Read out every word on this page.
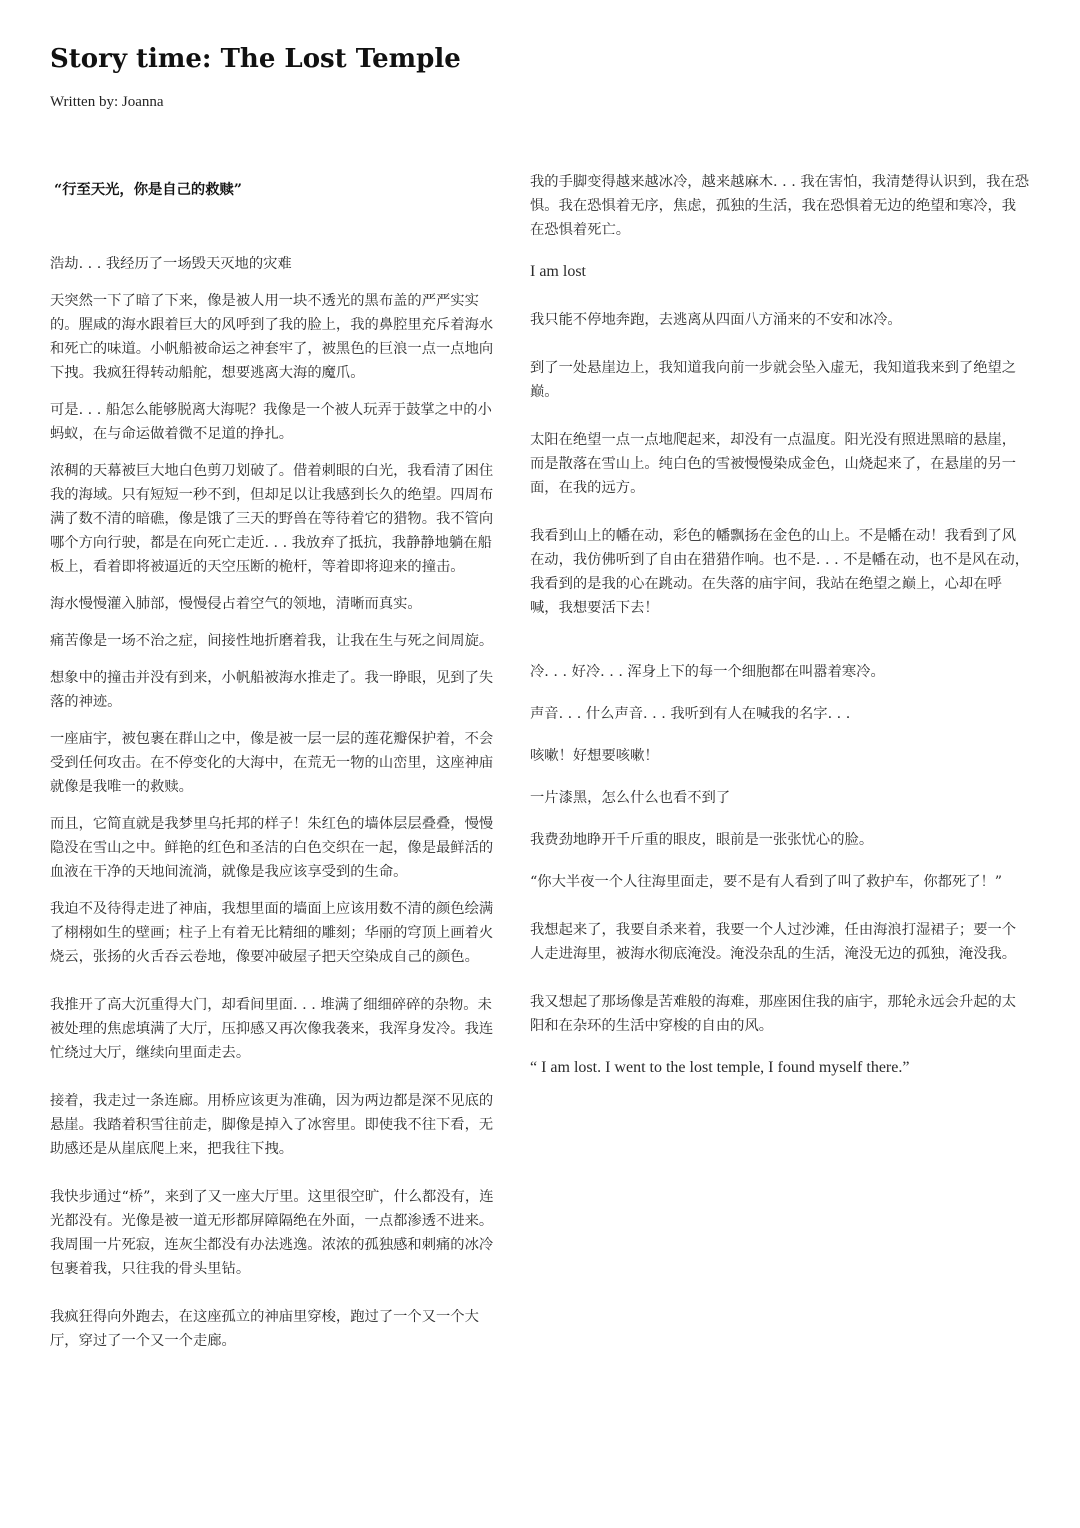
Story time: The Lost Temple
Written by: Joanna

“行至天光，你是自己的救赎”

浩劫. . . 我经历了一场毁天灭地的灾难

天突然一下了暗了下来，像是被人用一块不透光的黑布盖的严严实实的。腥咸的海水跟着巨大的风呼到了我的脸上，我的鼻腔里充斥着海水和死亡的味道。小帆船被命运之神套牢了，被黑色的巨浪一点一点地向下拽。我疯狂得转动船舵，想要逃离大海的魔爪。

可是. . . 船怎么能够脱离大海呢？我像是一个被人玩弄于鼓掌之中的小蚂蚁，在与命运做着微不足道的挣扎。

浓稠的天幕被巨大地白色剪刀划破了。借着刺眼的白光，我看清了困住我的海域。只有短短一秒不到，但却足以让我感到长久的绝望。四周布满了数不清的暗礁，像是饿了三天的野兽在等待着它的猎物。我不管向哪个方向行驶，都是在向死亡走近. . . 我放弃了抵抗，我静静地躺在船板上，看着即将被逼近的天空压断的桅杆，等着即将迎来的撞击。

海水慢慢灌入肺部，慢慢侵占着空气的领地，清晰而真实。

痛苦像是一场不治之症，间接性地折磨着我，让我在生与死之间周旋。

想象中的撞击并没有到来，小帆船被海水推走了。我一睁眼，见到了失落的神迹。

一座庙宇，被包裹在群山之中，像是被一层一层的莲花瓣保护着，不会受到任何攻击。在不停变化的大海中，在荒无一物的山峦里，这座神庙就像是我唯一的救赎。

而且，它简直就是我梦里乌托邦的样子！朱红色的墙体层层叠叠，慢慢隐没在雪山之中。鲜艳的红色和圣洁的白色交织在一起，像是最鲜活的血液在干净的天地间流淌，就像是我应该享受到的生命。

我迫不及待得走进了神庙，我想里面的墙面上应该用数不清的颜色绘满了栩栩如生的壁画；柱子上有着无比精细的雕刻；华丽的穹顶上画着火烧云，张扬的火舌吞云卷地，像要冲破屋子把天空染成自己的颜色。

我推开了高大沉重得大门，却看间里面. . . 堆满了细细碎碎的杂物。未被处理的焦虑填满了大厅，压抑感又再次像我袭来，我浑身发冷。我连忙绕过大厅，继续向里面走去。

接着，我走过一条连廊。用桥应该更为准确，因为两边都是深不见底的悬崖。我踏着积雪往前走，脚像是掉入了冰窖里。即使我不往下看，无助感还是从崖底爬上来，把我往下拽。

我快步通过“桥”，来到了又一座大厅里。这里很空旷，什么都没有，连光都没有。光像是被一道无形都屏障隔绝在外面，一点都渗透不进来。我周围一片死寂，连灰尘都没有办法逃逸。浓浓的孤独感和刺痛的冰冷包裹着我，只往我的骨头里钻。

我疯狂得向外跑去，在这座孤立的神庙里穿梭，跑过了一个又一个大厅，穿过了一个又一个走廊。

我的手脚变得越来越冰冷，越来越麻木. . . 我在害怕，我清楚得认识到，我在恐惧。我在恐惧着无序，焦虑，孤独的生活，我在恐惧着无边的绝望和寒冷，我在恐惧着死亡。

I am lost

我只能不停地奔跑，去逃离从四面八方涌来的不安和冰冷。

到了一处悬崖边上，我知道我向前一步就会坠入虚无，我知道我来到了绝望之巅。

太阳在绝望一点一点地爬起来，却没有一点温度。阳光没有照进黑暗的悬崖，而是散落在雪山上。纯白色的雪被慢慢染成金色，山烧起来了，在悬崖的另一面，在我的远方。

我看到山上的幡在动，彩色的幡飘扬在金色的山上。不是幡在动！我看到了风在动，我仿佛听到了自由在猎猎作响。也不是. . . 不是幡在动，也不是风在动，我看到的是我的心在跳动。在失落的庙宇间，我站在绝望之巅上，心却在呼喊，我想要活下去！

冷. . . 好冷. . . 浑身上下的每一个细胞都在叫嚣着寒冷。

声音. . . 什么声音. . . 我听到有人在喊我的名字. . .

咳嗽！好想要咳嗽！

一片漆黑，怎么什么也看不到了

我费劲地睁开千斤重的眼皮，眼前是一张张忧心的脸。

“你大半夜一个人往海里面走，要不是有人看到了叫了救护车，你都死了！”

我想起来了，我要自杀来着，我要一个人过沙滩，任由海浪打湿裙子；要一个人走进海里，被海水彻底淹没。淹没杂乱的生活，淹没无边的孤独，淹没我。

我又想起了那场像是苦难般的海难，那座困住我的庙宇，那轮永远会升起的太阳和在杂环的生活中穿梭的自由的风。

“ I am lost. I went to the lost temple, I found myself there.”
